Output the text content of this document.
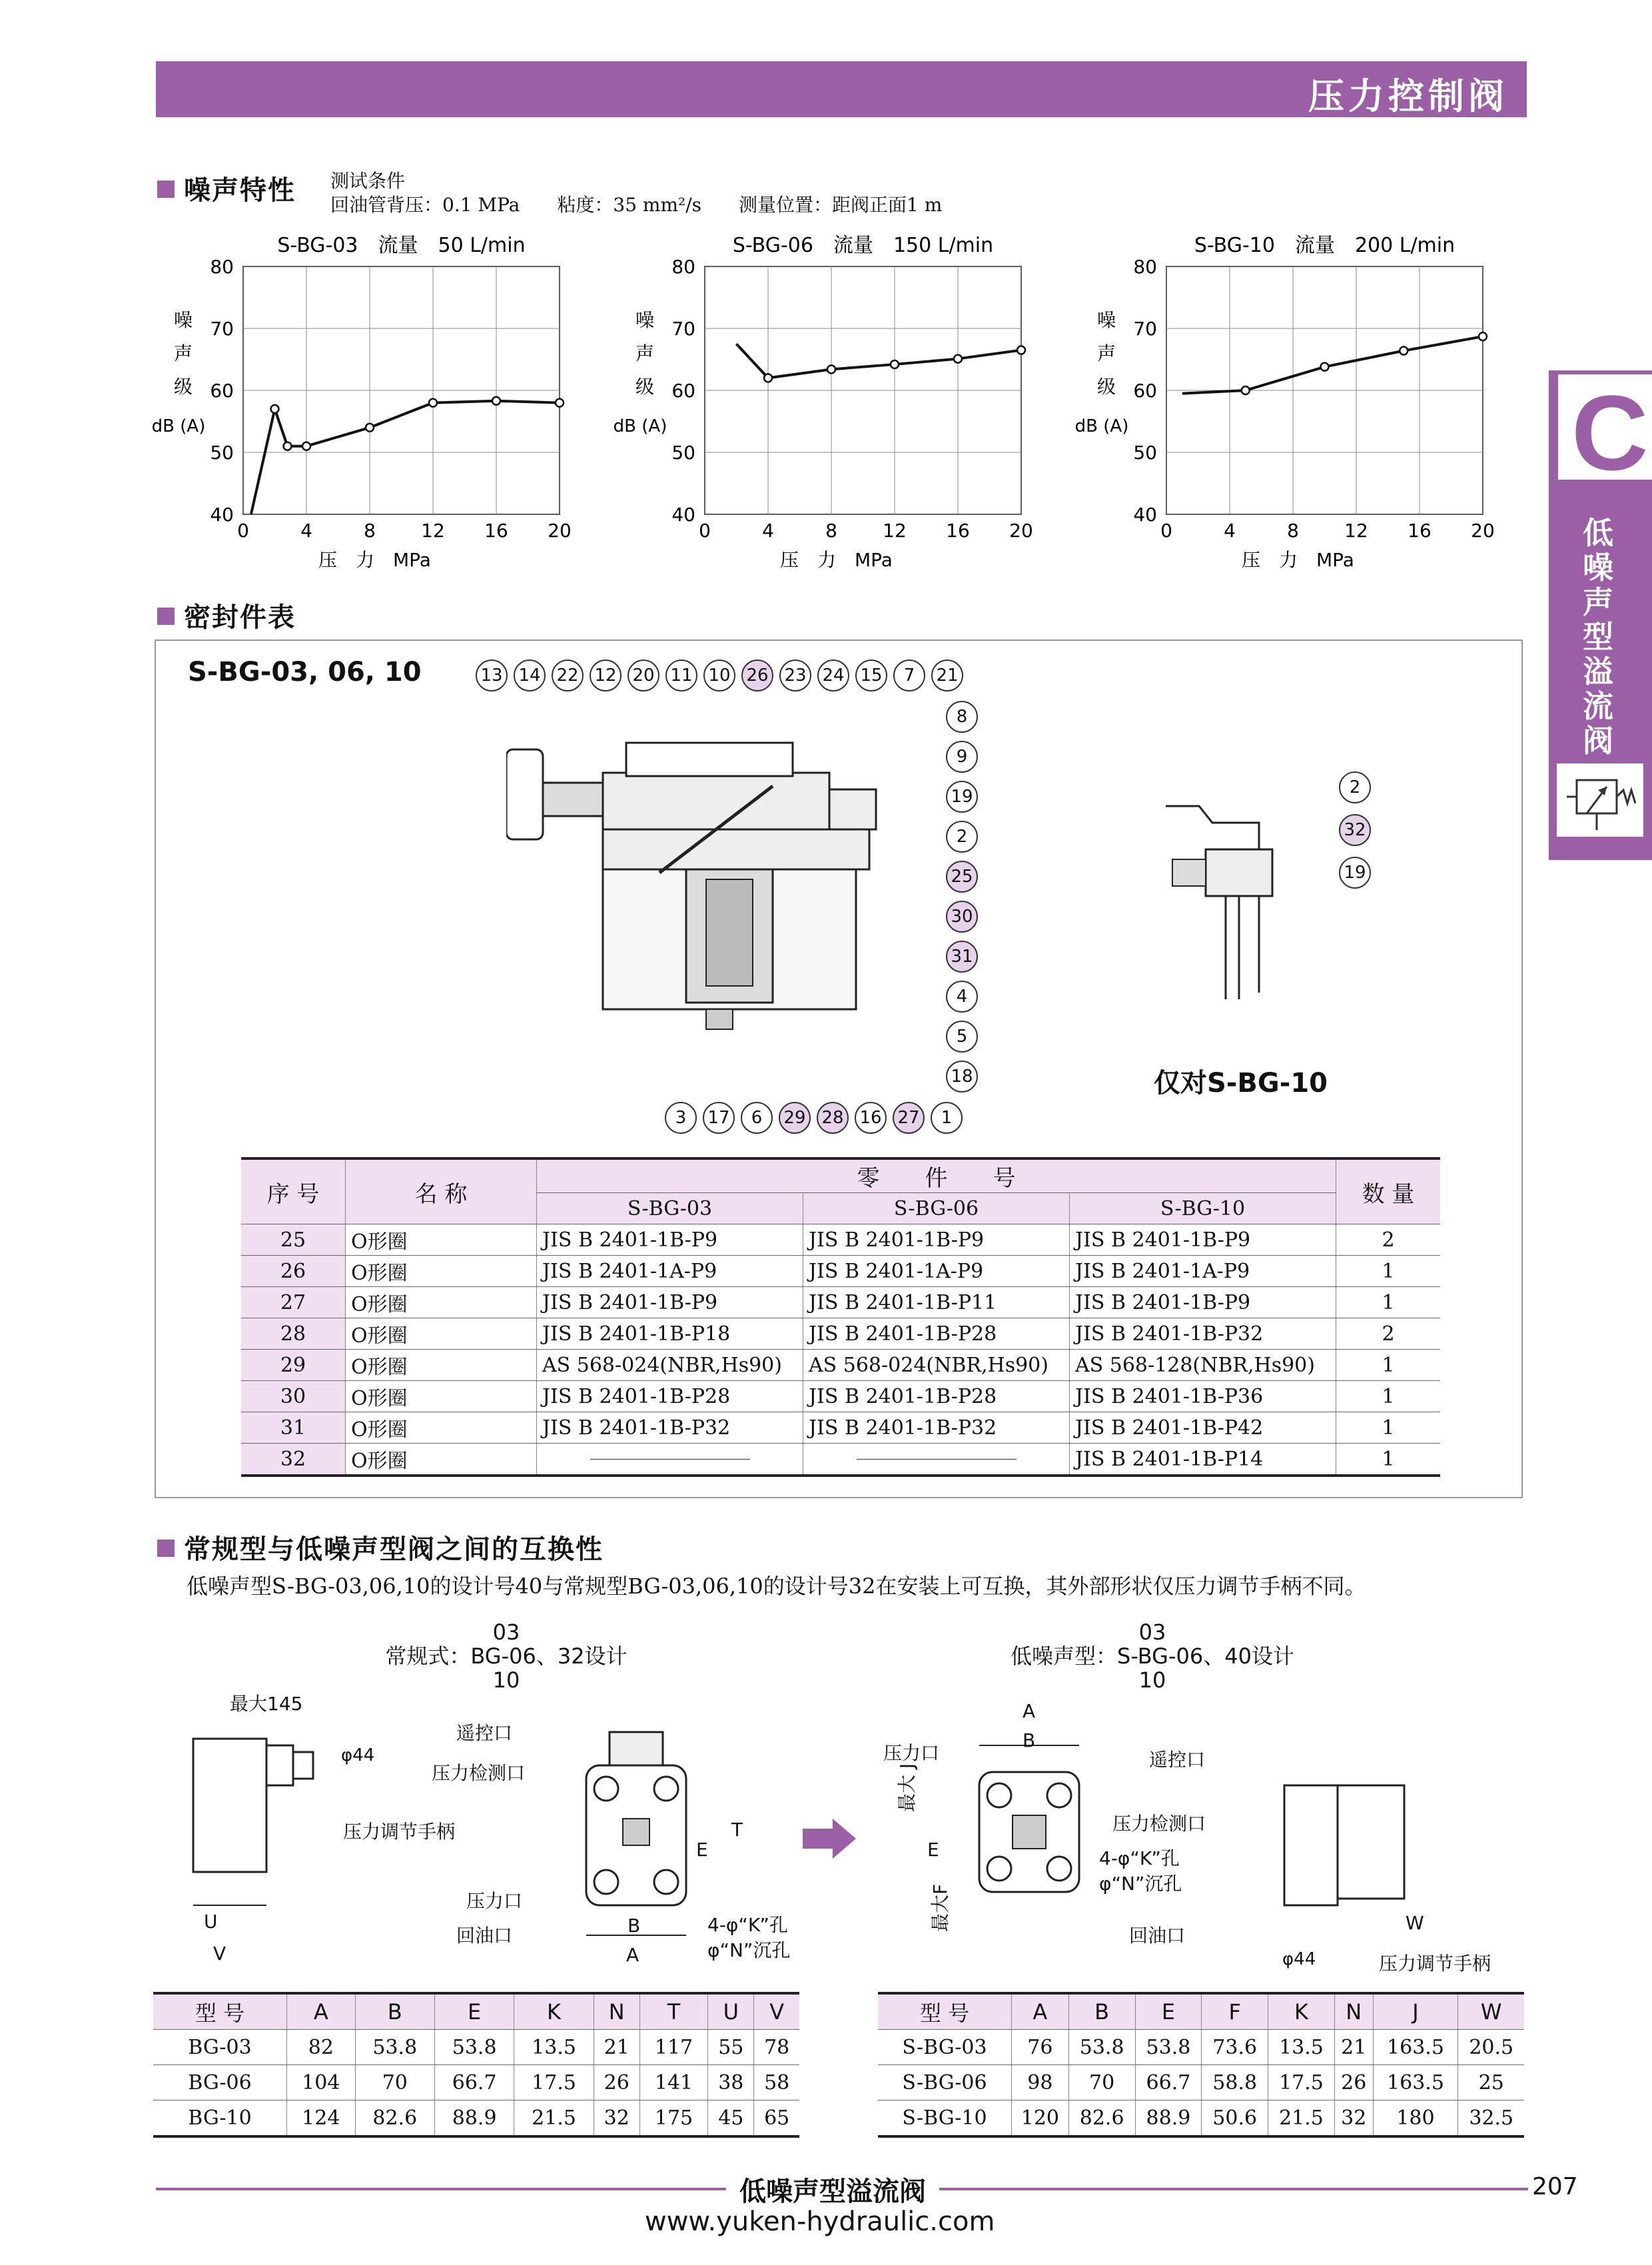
压力控制阀
C
低噪声型溢流阀
噪声特性 测试条件
回油管背压：0.1 MPa　　粘度：35 mm²/s　　测量位置：距阀正面1 m
S-BG-03　流量　50 L/min
0	4	8 12 16 20
40
50
60
70
80
噪
声
级
dB (A)
压　力　MPa
S-BG-06　流量　150 L/min
0	4	8 12 16 20
40
50
60
70
80
噪
声
级
dB (A)
压　力　MPa
S-BG-10　流量　200 L/min
0	4	8 12 16 20
40
50
60
70
80
噪
声
级
dB (A)
压　力　MPa
密封件表
S-BG-03, 06, 10
仅对S-BG-10
13 14 22 12 20 11 10 26 23 24 15	7	21
8
9
19
2
25
30
31
4
5
18
3	17	6	29 28 16 27	1
2
32
19
序 号	名 称	零　　件　　号			数 量
		S-BG-03	S-BG-06	S-BG-10	
25	O形圈	JIS B 2401-1B-P9	JIS B 2401-1B-P9	JIS B 2401-1B-P9	2
26	O形圈	JIS B 2401-1A-P9	JIS B 2401-1A-P9	JIS B 2401-1A-P9	1
27	O形圈	JIS B 2401-1B-P9	JIS B 2401-1B-P11	JIS B 2401-1B-P9	1
28	O形圈	JIS B 2401-1B-P18	JIS B 2401-1B-P28	JIS B 2401-1B-P32	2
29	O形圈	AS 568-024(NBR,Hs90)	AS 568-024(NBR,Hs90)	AS 568-128(NBR,Hs90)	1
30	O形圈	JIS B 2401-1B-P28	JIS B 2401-1B-P28	JIS B 2401-1B-P36	1
31	O形圈	JIS B 2401-1B-P32	JIS B 2401-1B-P32	JIS B 2401-1B-P42	1
32	O形圈			JIS B 2401-1B-P14	1
常规型与低噪声型阀之间的互换性
低噪声型S-BG-03,06,10的设计号40与常规型BG-03,06,10的设计号32在安装上可互换，其外部形状仅压力调节手柄不同。
03
常规式：BG-06、32设计
10
03
低噪声型：S-BG-06、40设计
10
最大145
φ44
遥控口
压力检测口
压力调节手柄
压力口
回油口	4-φ“K”孔
φ“N”沉孔
U
V	A
B
E
T
压力口	遥控口
压力检测口
4-φ“K”孔
φ“N”沉孔
回油口
压力调节手柄
φ44
最大 J
最大F
A
B
E
W
型 号	A	B	E	K	N	T	U	V
BG-03	82	53.8	53.8	13.5	21	117	55	78
BG-06	104	70	66.7	17.5	26	141	38	58
BG-10	124	82.6	88.9	21.5	32	175	45	65
型 号	A	B	E	F	K	N	J	W
S-BG-03	76	53.8	53.8	73.6	13.5	21	163.5	20.5
S-BG-06	98	70	66.7	58.8	17.5	26	163.5	25
S-BG-10	120	82.6	88.9	50.6	21.5	32	180	32.5
低噪声型溢流阀	207
www.yuken-hydraulic.com
